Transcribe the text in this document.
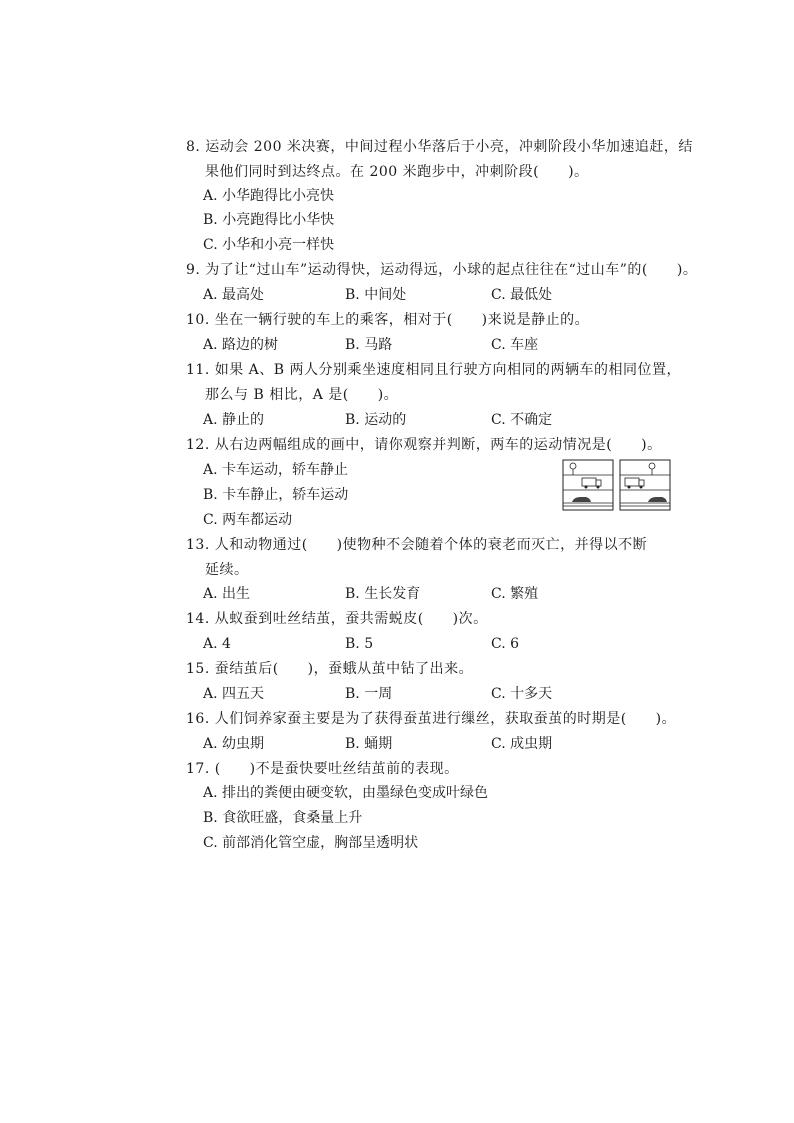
8. 运动会 200 米决赛，中间过程小华落后于小亮，冲刺阶段小华加速追赶，结
果他们同时到达终点。在 200 米跑步中，冲刺阶段(　　)。
A. 小华跑得比小亮快
B. 小亮跑得比小华快
C. 小华和小亮一样快
9. 为了让“过山车”运动得快，运动得远，小球的起点往往在“过山车”的(　　)。
A. 最高处	B. 中间处	C. 最低处
10. 坐在一辆行驶的车上的乘客，相对于(　　)来说是静止的。
A. 路边的树	B. 马路	C. 车座
11. 如果 A、B 两人分别乘坐速度相同且行驶方向相同的两辆车的相同位置，
那么与 B 相比，A 是(　　)。
A. 静止的	B. 运动的	C. 不确定
12. 从右边两幅组成的画中，请你观察并判断，两车的运动情况是(　　)。
A. 卡车运动，轿车静止
B. 卡车静止，轿车运动
C. 两车都运动
13. 人和动物通过(　　)使物种不会随着个体的衰老而灭亡，并得以不断
延续。
A. 出生	B. 生长发育	C. 繁殖
14. 从蚁蚕到吐丝结茧，蚕共需蜕皮(　　)次。
A. 4	B. 5	C. 6
15. 蚕结茧后(　　)，蚕蛾从茧中钻了出来。
A. 四五天	B. 一周	C. 十多天
16. 人们饲养家蚕主要是为了获得蚕茧进行缫丝，获取蚕茧的时期是(　　)。
A. 幼虫期	B. 蛹期	C. 成虫期
17. (　　)不是蚕快要吐丝结茧前的表现。
A. 排出的粪便由硬变软，由墨绿色变成叶绿色
B. 食欲旺盛，食桑量上升
C. 前部消化管空虚，胸部呈透明状
